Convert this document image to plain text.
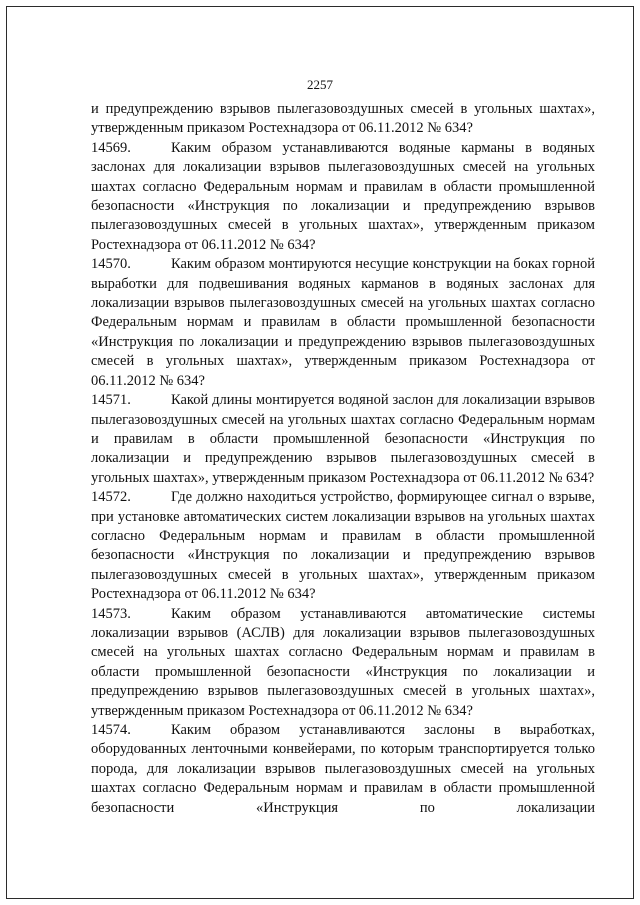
2257

и предупреждению взрывов пылегазовоздушных смесей в угольных шахтах», утвержденным приказом Ростехнадзора от 06.11.2012 № 634?

14569.	Каким образом устанавливаются водяные карманы в водяных заслонах для локализации взрывов пылегазовоздушных смесей на угольных шахтах согласно Федеральным нормам и правилам в области промышленной безопасности «Инструкция по локализации и предупреждению взрывов пылегазовоздушных смесей в угольных шахтах», утвержденным приказом Ростехнадзора от 06.11.2012 № 634?

14570.	Каким образом монтируются несущие конструкции на боках горной выработки для подвешивания водяных карманов в водяных заслонах для локализации взрывов пылегазовоздушных смесей на угольных шахтах согласно Федеральным нормам и правилам в области промышленной безопасности «Инструкция по локализации и предупреждению взрывов пылегазовоздушных смесей в угольных шахтах», утвержденным приказом Ростехнадзора от 06.11.2012 № 634?

14571.	Какой длины монтируется водяной заслон для локализации взрывов пылегазовоздушных смесей на угольных шахтах согласно Федеральным нормам и правилам в области промышленной безопасности «Инструкция по локализации и предупреждению взрывов пылегазовоздушных смесей в угольных шахтах», утвержденным приказом Ростехнадзора от 06.11.2012 № 634?

14572.	Где должно находиться устройство, формирующее сигнал о взрыве, при установке автоматических систем локализации взрывов на угольных шахтах согласно Федеральным нормам и правилам в области промышленной безопасности «Инструкция по локализации и предупреждению взрывов пылегазовоздушных смесей в угольных шахтах», утвержденным приказом Ростехнадзора от 06.11.2012 № 634?

14573.	Каким образом устанавливаются автоматические системы локализации взрывов (АСЛВ) для локализации взрывов пылегазовоздушных смесей на угольных шахтах согласно Федеральным нормам и правилам в области промышленной безопасности «Инструкция по локализации и предупреждению взрывов пылегазовоздушных смесей в угольных шахтах», утвержденным приказом Ростехнадзора от 06.11.2012 № 634?

14574.	Каким образом устанавливаются заслоны в выработках, оборудованных ленточными конвейерами, по которым транспортируется только порода, для локализации взрывов пылегазовоздушных смесей на угольных шахтах согласно Федеральным нормам и правилам в области промышленной безопасности «Инструкция по локализации
